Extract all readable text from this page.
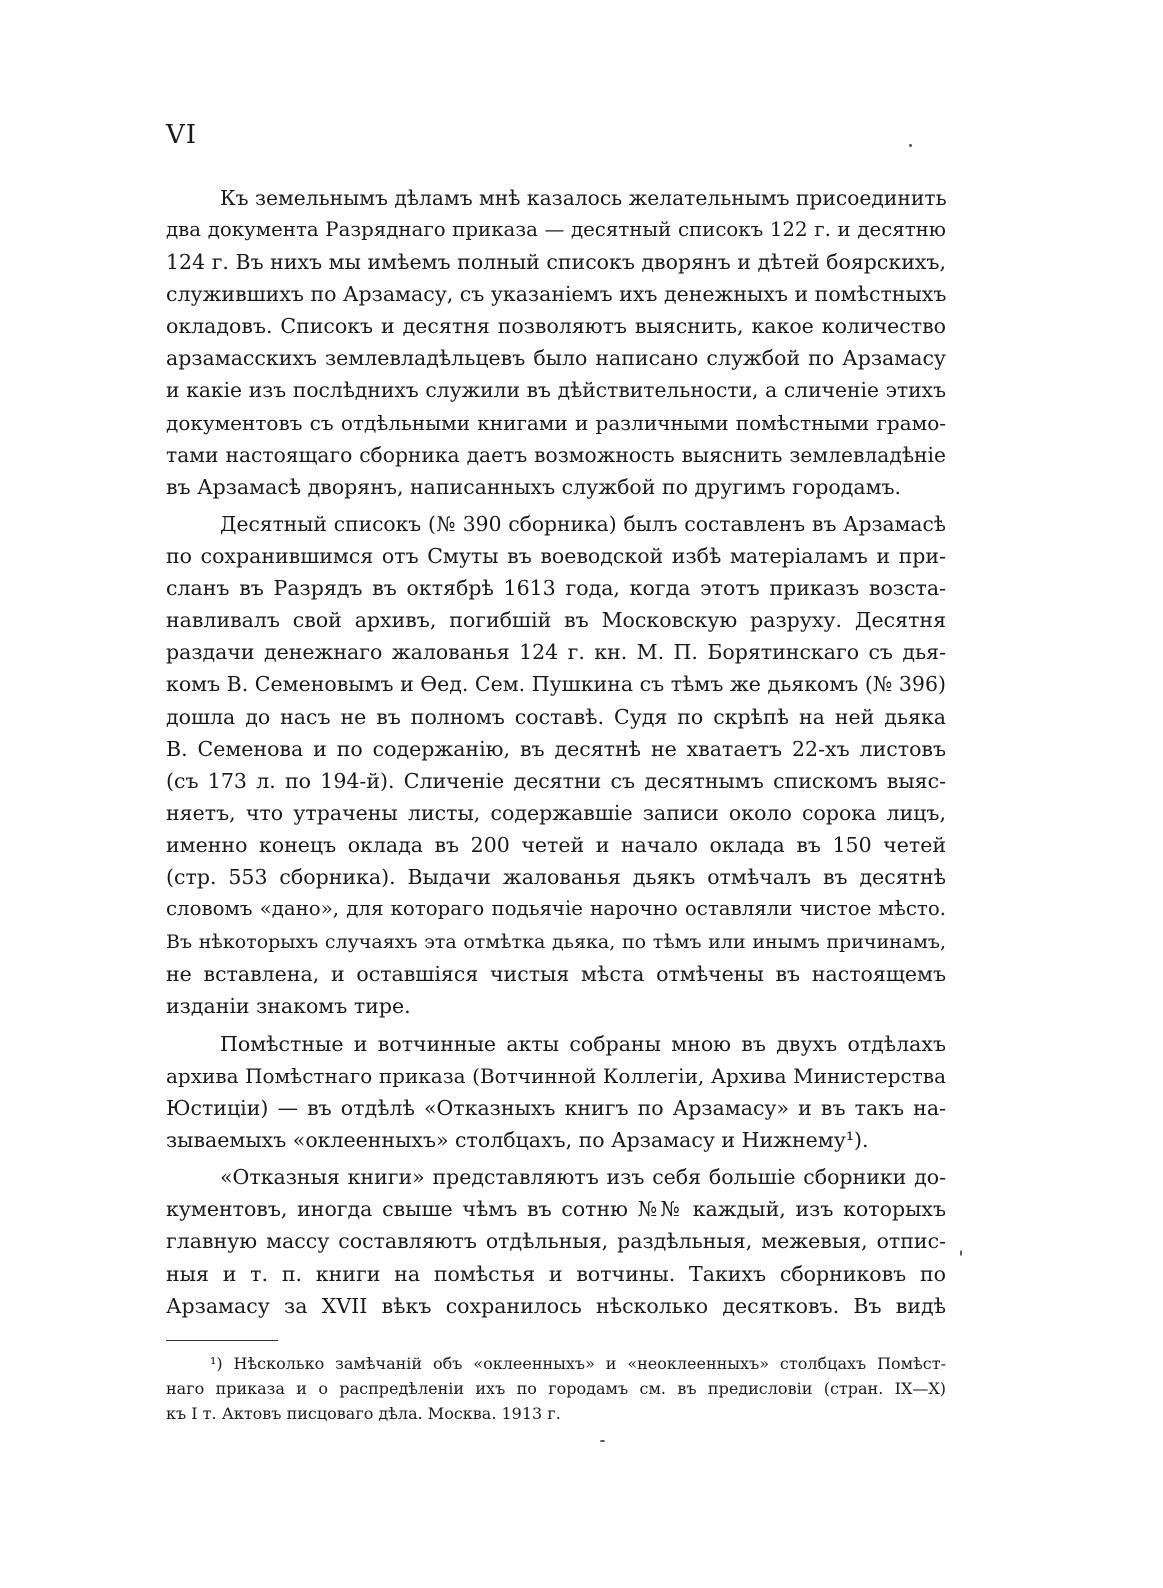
VI
Къ земельнымъ дѣламъ мнѣ казалось желательнымъ присоединить
два документа Разряднаго приказа — десятный списокъ 122 г. и десятню
124 г. Въ нихъ мы имѣемъ полный списокъ дворянъ и дѣтей боярскихъ,
служившихъ по Арзамасу, съ указаніемъ ихъ денежныхъ и помѣстныхъ
окладовъ. Списокъ и десятня позволяютъ выяснить, какое количество
арзамасскихъ землевладѣльцевъ было написано службой по Арзамасу
и какіе изъ послѣднихъ служили въ дѣйствительности, а сличеніе этихъ
документовъ съ отдѣльными книгами и различными помѣстными грамо-
тами настоящаго сборника даетъ возможность выяснить землевладѣніе
въ Арзамасѣ дворянъ, написанныхъ службой по другимъ городамъ.
Десятный списокъ (№ 390 сборника) былъ составленъ въ Арзамасѣ
по сохранившимся отъ Смуты въ воеводской избѣ матеріаламъ и при-
сланъ въ Разрядъ въ октябрѣ 1613 года, когда этотъ приказъ возста-
навливалъ свой архивъ, погибшій въ Московскую разруху. Десятня
раздачи денежнаго жалованья 124 г. кн. М. П. Борятинскаго съ дья-
комъ В. Семеновымъ и Ѳед. Сем. Пушкина съ тѣмъ же дьякомъ (№ 396)
дошла до насъ не въ полномъ составѣ. Судя по скрѣпѣ на ней дьяка
В. Семенова и по содержанію, въ десятнѣ не хватаетъ 22-хъ листовъ
(съ 173 л. по 194-й). Сличеніе десятни съ десятнымъ спискомъ выяс-
няетъ, что утрачены листы, содержавшіе записи около сорока лицъ,
именно конецъ оклада въ 200 четей и начало оклада въ 150 четей
(стр. 553 сборника). Выдачи жалованья дьякъ отмѣчалъ въ десятнѣ
словомъ «дано», для котораго подьячіе нарочно оставляли чистое мѣсто.
Въ нѣкоторыхъ случаяхъ эта отмѣтка дьяка, по тѣмъ или инымъ причинамъ,
не вставлена, и оставшіяся чистыя мѣста отмѣчены въ настоящемъ
изданіи знакомъ тире.
Помѣстные и вотчинные акты собраны мною въ двухъ отдѣлахъ
архива Помѣстнаго приказа (Вотчинной Коллегіи, Архива Министерства
Юстиціи) — въ отдѣлѣ «Отказныхъ книгъ по Арзамасу» и въ такъ на-
зываемыхъ «оклеенныхъ» столбцахъ, по Арзамасу и Нижнему¹).
«Отказныя книги» представляютъ изъ себя большіе сборники до-
кументовъ, иногда свыше чѣмъ въ сотню №№ каждый, изъ которыхъ
главную массу составляютъ отдѣльныя, раздѣльныя, межевыя, отпис-
ныя и т. п. книги на помѣстья и вотчины. Такихъ сборниковъ по
Арзамасу за XVII вѣкъ сохранилось нѣсколько десятковъ. Въ видѣ
¹) Нѣсколько замѣчаній объ «оклеенныхъ» и «неоклеенныхъ» столбцахъ Помѣст-
наго приказа и о распредѣленіи ихъ по городамъ см. въ предисловіи (стран. IX—X)
къ I т. Актовъ писцоваго дѣла. Москва. 1913 г.
